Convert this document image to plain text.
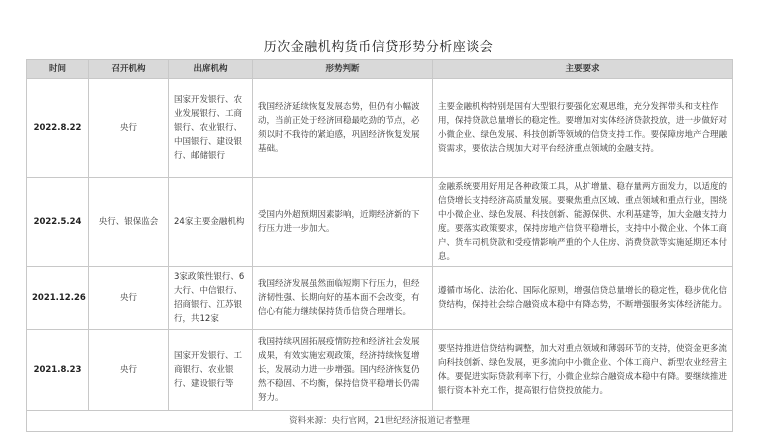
历次金融机构货币信贷形势分析座谈会
时间	召开机构	出席机构	形势判断	主要要求
2022.8.22	央行	国家开发银行、农业发展银行、工商银行、农业银行、中国银行、建设银行、邮储银行	我国经济延续恢复发展态势，但仍有小幅波动，当前正处于经济回稳最吃劲的节点，必须以时不我待的紧迫感，巩固经济恢复发展基础。	主要金融机构特别是国有大型银行要强化宏观思维，充分发挥带头和支柱作用，保持贷款总量增长的稳定性。要增加对实体经济贷款投放，进一步做好对小微企业、绿色发展、科技创新等领域的信贷支持工作。要保障房地产合理融资需求，要依法合规加大对平台经济重点领域的金融支持。
2022.5.24	央行、银保监会	24家主要金融机构	受国内外超预期因素影响，近期经济新的下行压力进一步加大。	金融系统要用好用足各种政策工具，从扩增量、稳存量两方面发力，以适度的信贷增长支持经济高质量发展。要聚焦重点区域、重点领域和重点行业，围绕中小微企业、绿色发展、科技创新、能源保供、水利基建等，加大金融支持力度。要落实政策要求，保持房地产信贷平稳增长，支持中小微企业、个体工商户、货车司机贷款和受疫情影响严重的个人住房、消费贷款等实施延期还本付息。
2021.12.26	央行	3家政策性银行、6大行、中信银行、招商银行、江苏银行，共12家	我国经济发展虽然面临短期下行压力，但经济韧性强、长期向好的基本面不会改变，有信心有能力继续保持货币信贷合理增长。	遵循市场化、法治化、国际化原则，增强信贷总量增长的稳定性，稳步优化信贷结构，保持社会综合融资成本稳中有降态势，不断增强服务实体经济能力。
2021.8.23	央行	国家开发银行、工商银行、农业银行、建设银行等	我国持续巩固拓展疫情防控和经济社会发展成果，有效实施宏观政策，经济持续恢复增长，发展动力进一步增强。国内经济恢复仍然不稳固、不均衡，保持信贷平稳增长仍需努力。	要坚持推进信贷结构调整，加大对重点领域和薄弱环节的支持，使资金更多流向科技创新、绿色发展，更多流向中小微企业、个体工商户、新型农业经营主体。要促进实际贷款利率下行，小微企业综合融资成本稳中有降。要继续推进银行资本补充工作，提高银行信贷投放能力。
资料来源：央行官网，21世纪经济报道记者整理				
